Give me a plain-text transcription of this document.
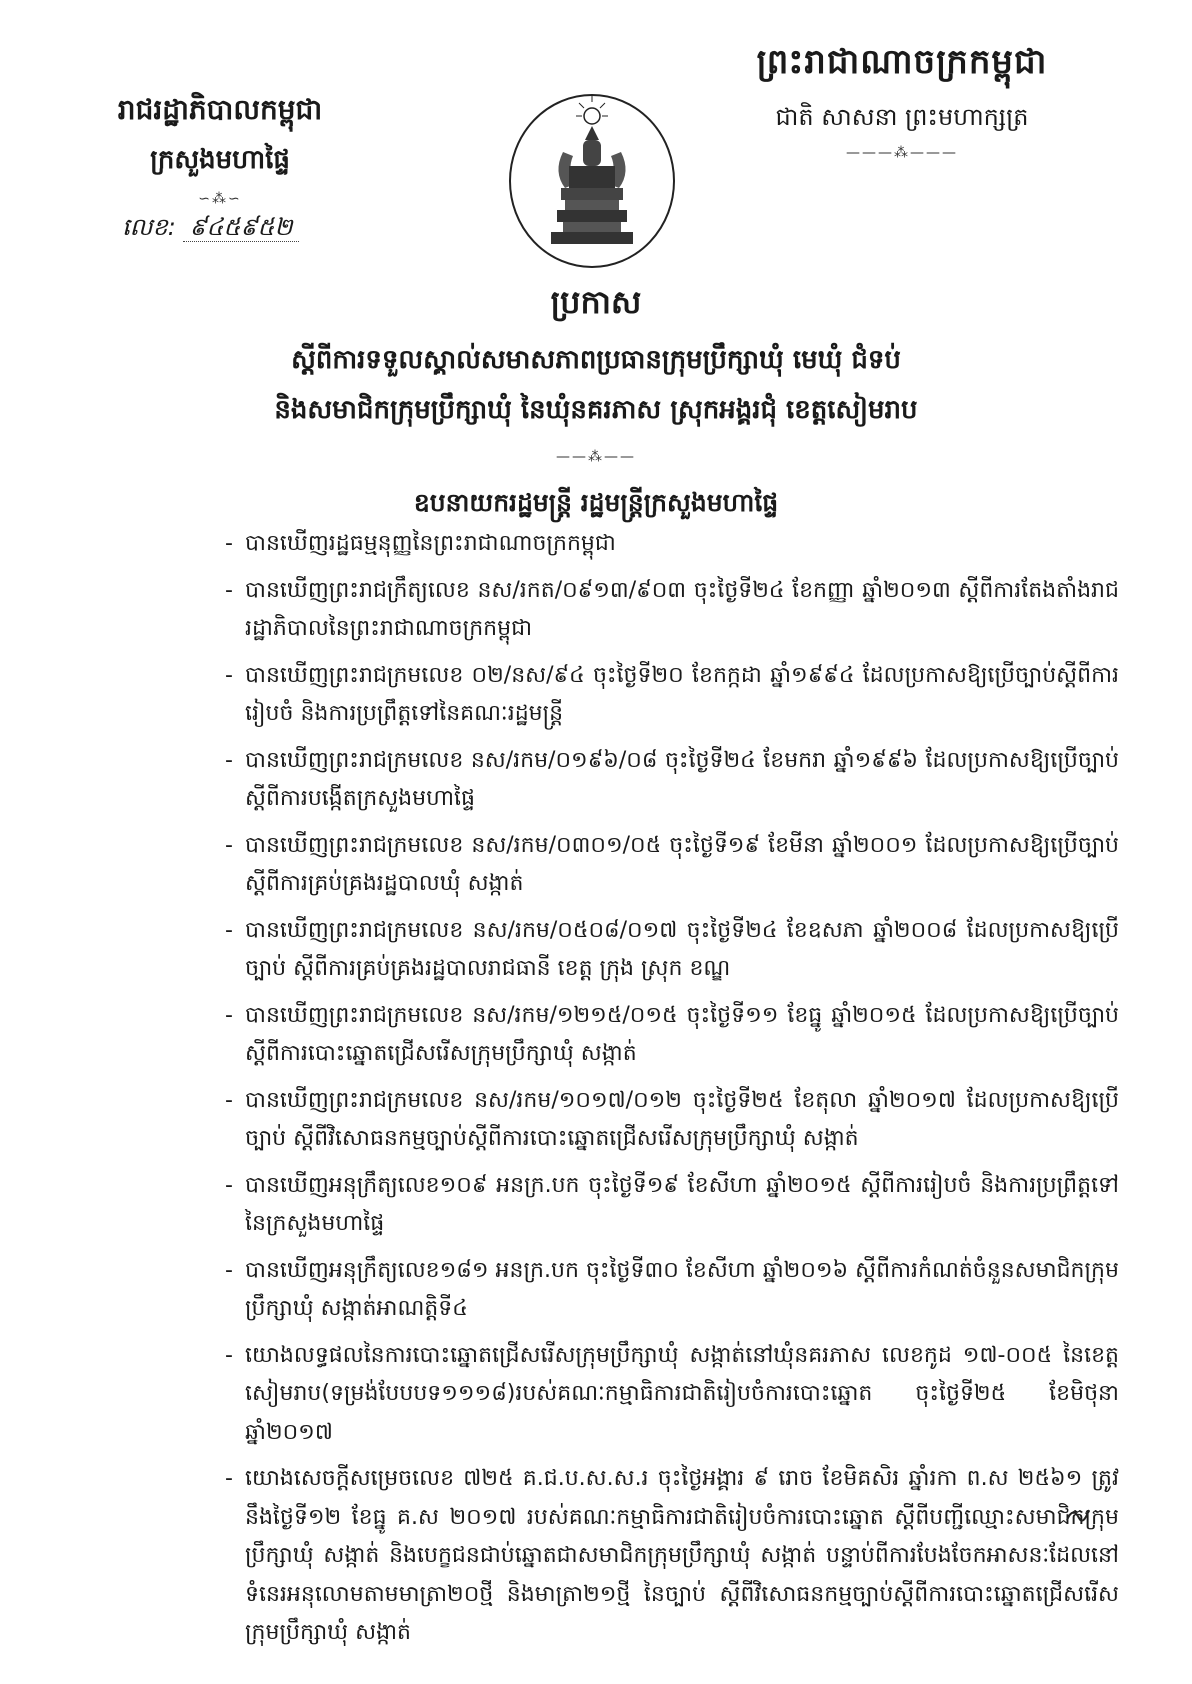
ព្រះរាជាណាចក្រកម្ពុជា
ជាតិ សាសនា ព្រះមហាក្សត្រ
———⁂———
រាជរដ្ឋាភិបាលកម្ពុជា
ក្រសួងមហាផ្ទៃ
∽⁂∽
លេខ: ៩៤៥៩៥២
ប្រកាស
ស្តីពីការទទួលស្គាល់សមាសភាពប្រធានក្រុមប្រឹក្សាឃុំ មេឃុំ ជំទប់
និងសមាជិកក្រុមប្រឹក្សាឃុំ នៃឃុំនគរភាស ស្រុកអង្គរជុំ ខេត្តសៀមរាប
——⁂——
ឧបនាយករដ្ឋមន្ត្រី រដ្ឋមន្ត្រីក្រសួងមហាផ្ទៃ
- បានឃើញរដ្ឋធម្មនុញ្ញនៃព្រះរាជាណាចក្រកម្ពុជា
- បានឃើញព្រះរាជក្រឹត្យលេខ នស/រកត/០៩១៣/៩០៣ ចុះថ្ងៃទី២៤ ខែកញ្ញា ឆ្នាំ២០១៣ ស្តីពីការតែងតាំងរាជរដ្ឋាភិបាលនៃព្រះរាជាណាចក្រកម្ពុជា
- បានឃើញព្រះរាជក្រមលេខ ០២/នស/៩៤ ចុះថ្ងៃទី២០ ខែកក្កដា ឆ្នាំ១៩៩៤ ដែលប្រកាសឱ្យប្រើច្បាប់ស្តីពីការរៀបចំ និងការប្រព្រឹត្តទៅនៃគណៈរដ្ឋមន្ត្រី
- បានឃើញព្រះរាជក្រមលេខ នស/រកម/០១៩៦/០៨ ចុះថ្ងៃទី២៤ ខែមករា ឆ្នាំ១៩៩៦ ដែលប្រកាសឱ្យប្រើច្បាប់ ស្តីពីការបង្កើតក្រសួងមហាផ្ទៃ
- បានឃើញព្រះរាជក្រមលេខ នស/រកម/០៣០១/០៥ ចុះថ្ងៃទី១៩ ខែមីនា ឆ្នាំ២០០១ ដែលប្រកាសឱ្យប្រើច្បាប់ ស្តីពីការគ្រប់គ្រងរដ្ឋបាលឃុំ សង្កាត់
- បានឃើញព្រះរាជក្រមលេខ នស/រកម/០៥០៨/០១៧ ចុះថ្ងៃទី២៤ ខែឧសភា ឆ្នាំ២០០៨ ដែលប្រកាសឱ្យប្រើច្បាប់ ស្តីពីការគ្រប់គ្រងរដ្ឋបាលរាជធានី ខេត្ត ក្រុង ស្រុក ខណ្ឌ
- បានឃើញព្រះរាជក្រមលេខ នស/រកម/១២១៥/០១៥ ចុះថ្ងៃទី១១ ខែធ្នូ ឆ្នាំ២០១៥ ដែលប្រកាសឱ្យប្រើច្បាប់ ស្តីពីការបោះឆ្នោតជ្រើសរើសក្រុមប្រឹក្សាឃុំ សង្កាត់
- បានឃើញព្រះរាជក្រមលេខ នស/រកម/១០១៧/០១២ ចុះថ្ងៃទី២៥ ខែតុលា ឆ្នាំ២០១៧ ដែលប្រកាសឱ្យប្រើច្បាប់ ស្តីពីវិសោធនកម្មច្បាប់ស្តីពីការបោះឆ្នោតជ្រើសរើសក្រុមប្រឹក្សាឃុំ សង្កាត់
- បានឃើញអនុក្រឹត្យលេខ១០៩ អនក្រ.បក ចុះថ្ងៃទី១៩ ខែសីហា ឆ្នាំ២០១៥ ស្តីពីការរៀបចំ និងការប្រព្រឹត្តទៅនៃក្រសួងមហាផ្ទៃ
- បានឃើញអនុក្រឹត្យលេខ១៨១ អនក្រ.បក ចុះថ្ងៃទី៣០ ខែសីហា ឆ្នាំ២០១៦ ស្តីពីការកំណត់ចំនួនសមាជិកក្រុមប្រឹក្សាឃុំ សង្កាត់អាណត្តិទី៤
- យោងលទ្ធផលនៃការបោះឆ្នោតជ្រើសរើសក្រុមប្រឹក្សាឃុំ សង្កាត់នៅឃុំនគរភាស លេខកូដ ១៧-០០៥ នៃខេត្តសៀមរាប(ទម្រង់បែបបទ១១១៨)របស់គណៈកម្មាធិការជាតិរៀបចំការបោះឆ្នោត ចុះថ្ងៃទី២៥ ខែមិថុនា ឆ្នាំ២០១៧
- យោងសេចក្តីសម្រេចលេខ ៧២៥ គ.ជ.ប.ស.ស.រ ចុះថ្ងៃអង្គារ ៩ រោច ខែមិគសិរ ឆ្នាំរកា ព.ស ២៥៦១ ត្រូវនឹងថ្ងៃទី១២ ខែធ្នូ គ.ស ២០១៧ របស់គណៈកម្មាធិការជាតិរៀបចំការបោះឆ្នោត ស្តីពីបញ្ជីឈ្មោះសមាជិកក្រុមប្រឹក្សាឃុំ សង្កាត់ និងបេក្ខជនជាប់ឆ្នោតជាសមាជិកក្រុមប្រឹក្សាឃុំ សង្កាត់ បន្ទាប់ពីការបែងចែកអាសនៈដែលនៅទំនេរអនុលោមតាមមាត្រា២០ថ្មី និងមាត្រា២១ថ្មី នៃច្បាប់ ស្តីពីវិសោធនកម្មច្បាប់ស្តីពីការបោះឆ្នោតជ្រើសរើសក្រុមប្រឹក្សាឃុំ សង្កាត់
